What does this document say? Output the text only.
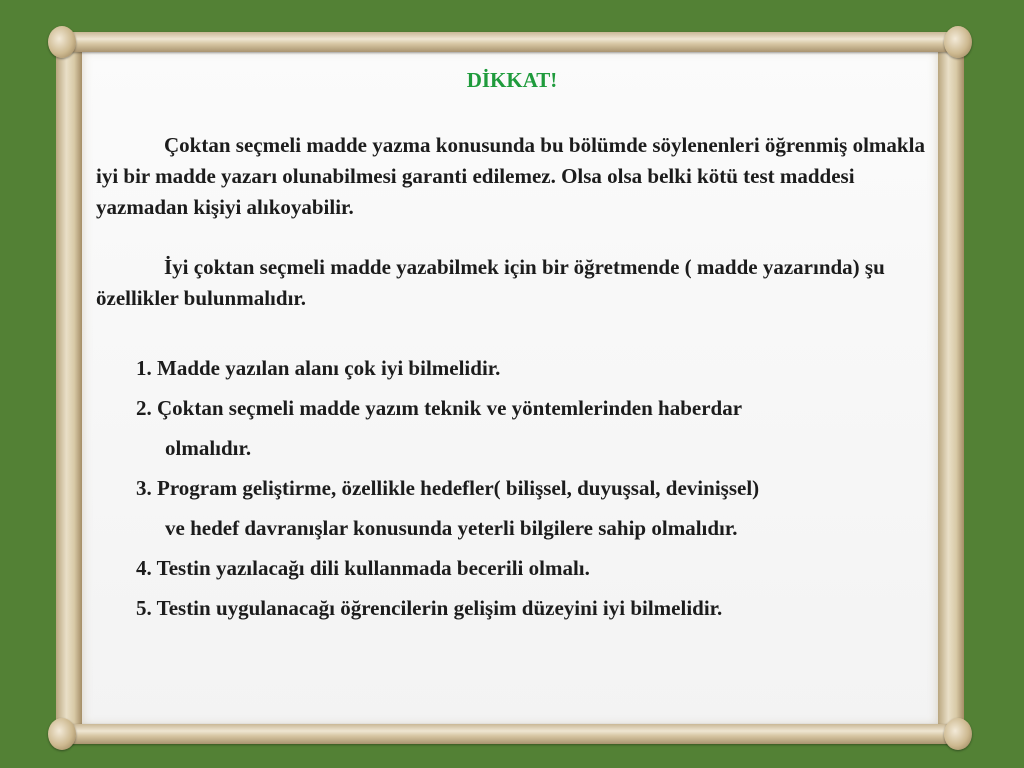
DİKKAT!
Çoktan seçmeli madde yazma konusunda bu bölümde söylenenleri öğrenmiş olmakla iyi bir madde yazarı olunabilmesi garanti edilemez. Olsa olsa belki kötü test maddesi yazmadan kişiyi alıkoyabilir.
İyi çoktan seçmeli madde yazabilmek için bir öğretmende ( madde yazarında) şu özellikler bulunmalıdır.
1. Madde yazılan alanı çok iyi bilmelidir.
2. Çoktan seçmeli madde yazım teknik ve yöntemlerinden haberdar
olmalıdır.
3. Program geliştirme, özellikle hedefler( bilişsel, duyuşsal, devinişsel)
ve hedef davranışlar konusunda yeterli bilgilere sahip olmalıdır.
4. Testin yazılacağı dili kullanmada becerili olmalı.
5. Testin uygulanacağı öğrencilerin gelişim düzeyini iyi bilmelidir.
